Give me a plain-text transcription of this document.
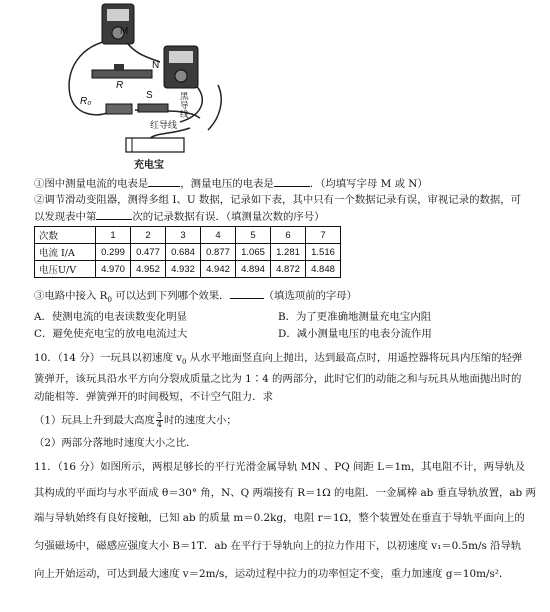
M
N
R
R₀
S	黑导线
红导线
充电宝
①图中测量电流的电表是	，测量电压的电表是	．（均填写字母 M 或 N）
②调节滑动变阻器，测得多组 I、U 数据，记录如下表，其中只有一个数据记录有误，审视记录的数据，可
以发现表中第	次的记录数据有误．（填测量次数的序号）
次数	1	2	3	4	5	6	7
电流 I/A	0.299	0.477	0.684	0.877	1.065	1.281	1.516
电压U/V	4.970	4.952	4.932	4.942	4.894	4.872	4.848
③电路中接入 $R_0$ 可以达到下列哪个效果．	（填选项前的字母）
A．使测电流的电表读数变化明显	B．为了更准确地测量充电宝内阻
C．避免使充电宝的放电电流过大	D．减小测量电压的电表分流作用
10．（14 分）一玩具以初速度 $v_0$ 从水平地面竖直向上抛出，达到最高点时，用遥控器将玩具内压缩的轻弹
簧弹开，该玩具沿水平方向分裂成质量之比为 1∶4 的两部分，此时它们的动能之和与玩具从地面抛出时的
动能相等．弹簧弹开的时间极短，不计空气阻力．求
（1）玩具上升到最大高度 $\frac{3}{4}$ 时的速度大小；
（2）两部分落地时速度大小之比．
11．（16 分）如图所示，两根足够长的平行光滑金属导轨 MN 、PQ 间距 L＝1m，其电阻不计，两导轨及
其构成的平面均与水平面成 θ＝30° 角，N、Q 两端接有 R＝1Ω 的电阻．一金属棒 ab 垂直导轨放置，ab 两
端与导轨始终有良好接触，已知 ab 的质量 m＝0.2kg，电阻 r＝1Ω，整个装置处在垂直于导轨平面向上的
匀强磁场中，磁感应强度大小 B＝1T．ab 在平行于导轨向上的拉力作用下，以初速度 v₁＝0.5m/s 沿导轨
向上开始运动，可达到最大速度 v＝2m/s，运动过程中拉力的功率恒定不变，重力加速度 g＝10m/s²．
